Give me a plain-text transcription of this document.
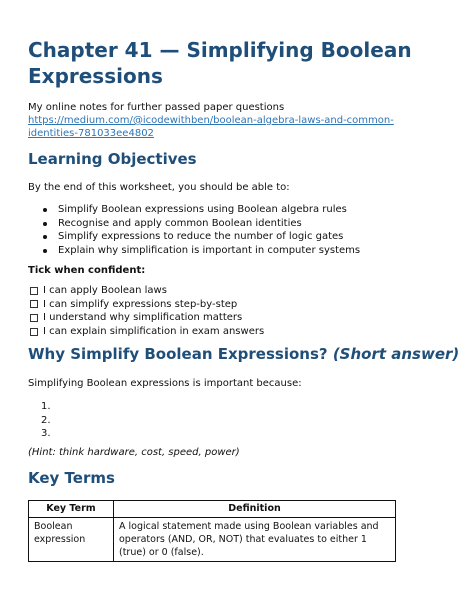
Chapter 41 — Simplifying Boolean Expressions

My online notes for further passed paper questions

https://medium.com/@icodewithben/boolean-algebra-laws-and-common-identities-781033ee4802
Learning Objectives

By the end of this worksheet, you should be able to:

Simplify Boolean expressions using Boolean algebra rules
Recognise and apply common Boolean identities
Simplify expressions to reduce the number of logic gates
Explain why simplification is important in computer systems

Tick when confident:

I can apply Boolean laws
I can simplify expressions step-by-step
I understand why simplification matters
I can explain simplification in exam answers
Why Simplify Boolean Expressions? (Short answer)

Simplifying Boolean expressions is important because:

1.
2.
3.

(Hint: think hardware, cost, speed, power)

Key Terms
Key Term	Definition
Boolean expression	A logical statement made using Boolean variables and operators (AND, OR, NOT) that evaluates to either 1 (true) or 0 (false).
